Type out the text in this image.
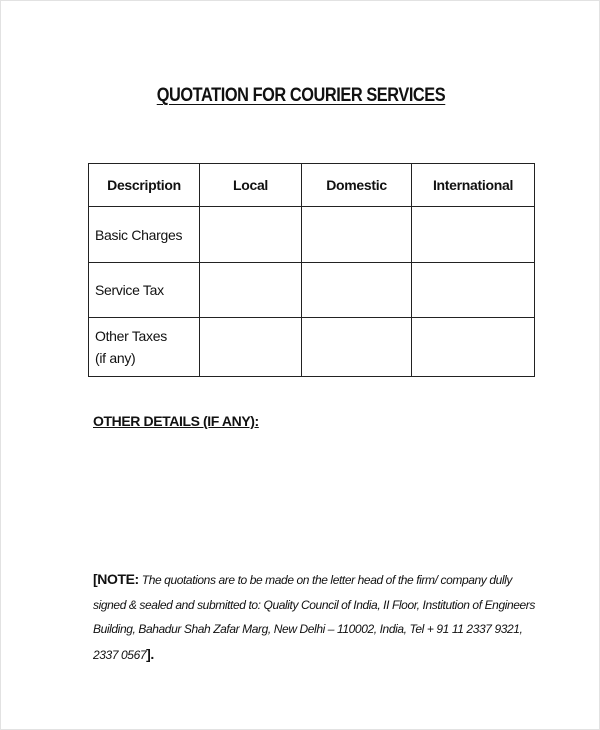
QUOTATION FOR COURIER SERVICES
Description	Local	Domestic	International
Basic Charges			
Service Tax			
Other Taxes
(if any)			
OTHER DETAILS (IF ANY):
[NOTE: The quotations are to be made on the letter head of the firm/ company dully signed & sealed and submitted to: Quality Council of India, II Floor, Institution of Engineers Building, Bahadur Shah Zafar Marg, New Delhi – 110002, India, Tel + 91 11 2337 9321, 2337 0567].
